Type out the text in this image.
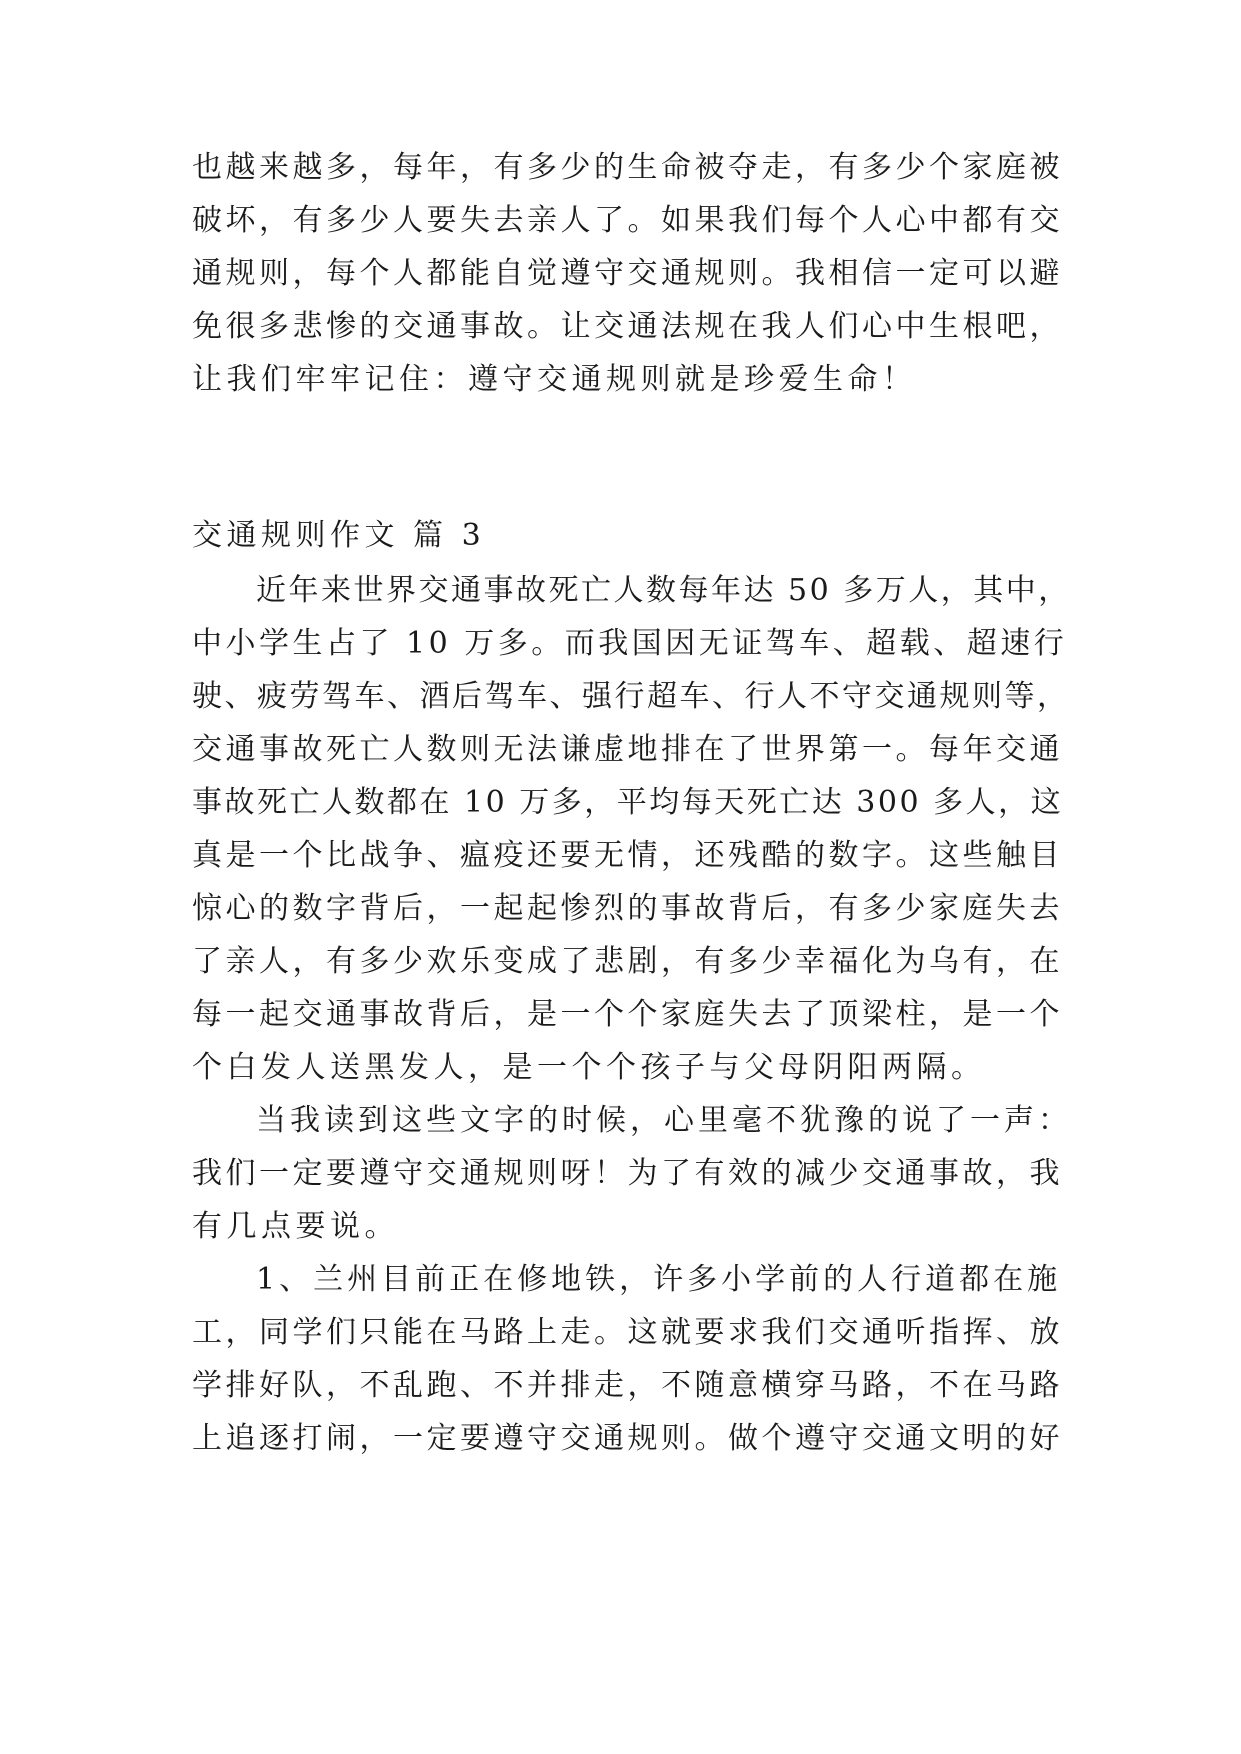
也越来越多，每年，有多少的生命被夺走，有多少个家庭被
破坏，有多少人要失去亲人了。如果我们每个人心中都有交
通规则，每个人都能自觉遵守交通规则。我相信一定可以避
免很多悲惨的交通事故。让交通法规在我人们心中生根吧，
让我们牢牢记住：遵守交通规则就是珍爱生命！
交通规则作文 篇 3
近年来世界交通事故死亡人数每年达 50 多万人，其中，
中小学生占了 10 万多。而我国因无证驾车、超载、超速行
驶、疲劳驾车、酒后驾车、强行超车、行人不守交通规则等，
交通事故死亡人数则无法谦虚地排在了世界第一。每年交通
事故死亡人数都在 10 万多，平均每天死亡达 300 多人，这
真是一个比战争、瘟疫还要无情，还残酷的数字。这些触目
惊心的数字背后，一起起惨烈的事故背后，有多少家庭失去
了亲人，有多少欢乐变成了悲剧，有多少幸福化为乌有，在
每一起交通事故背后，是一个个家庭失去了顶梁柱，是一个
个白发人送黑发人，是一个个孩子与父母阴阳两隔。
当我读到这些文字的时候，心里毫不犹豫的说了一声：
我们一定要遵守交通规则呀！为了有效的减少交通事故，我
有几点要说。
1、兰州目前正在修地铁，许多小学前的人行道都在施
工，同学们只能在马路上走。这就要求我们交通听指挥、放
学排好队，不乱跑、不并排走，不随意横穿马路，不在马路
上追逐打闹，一定要遵守交通规则。做个遵守交通文明的好
